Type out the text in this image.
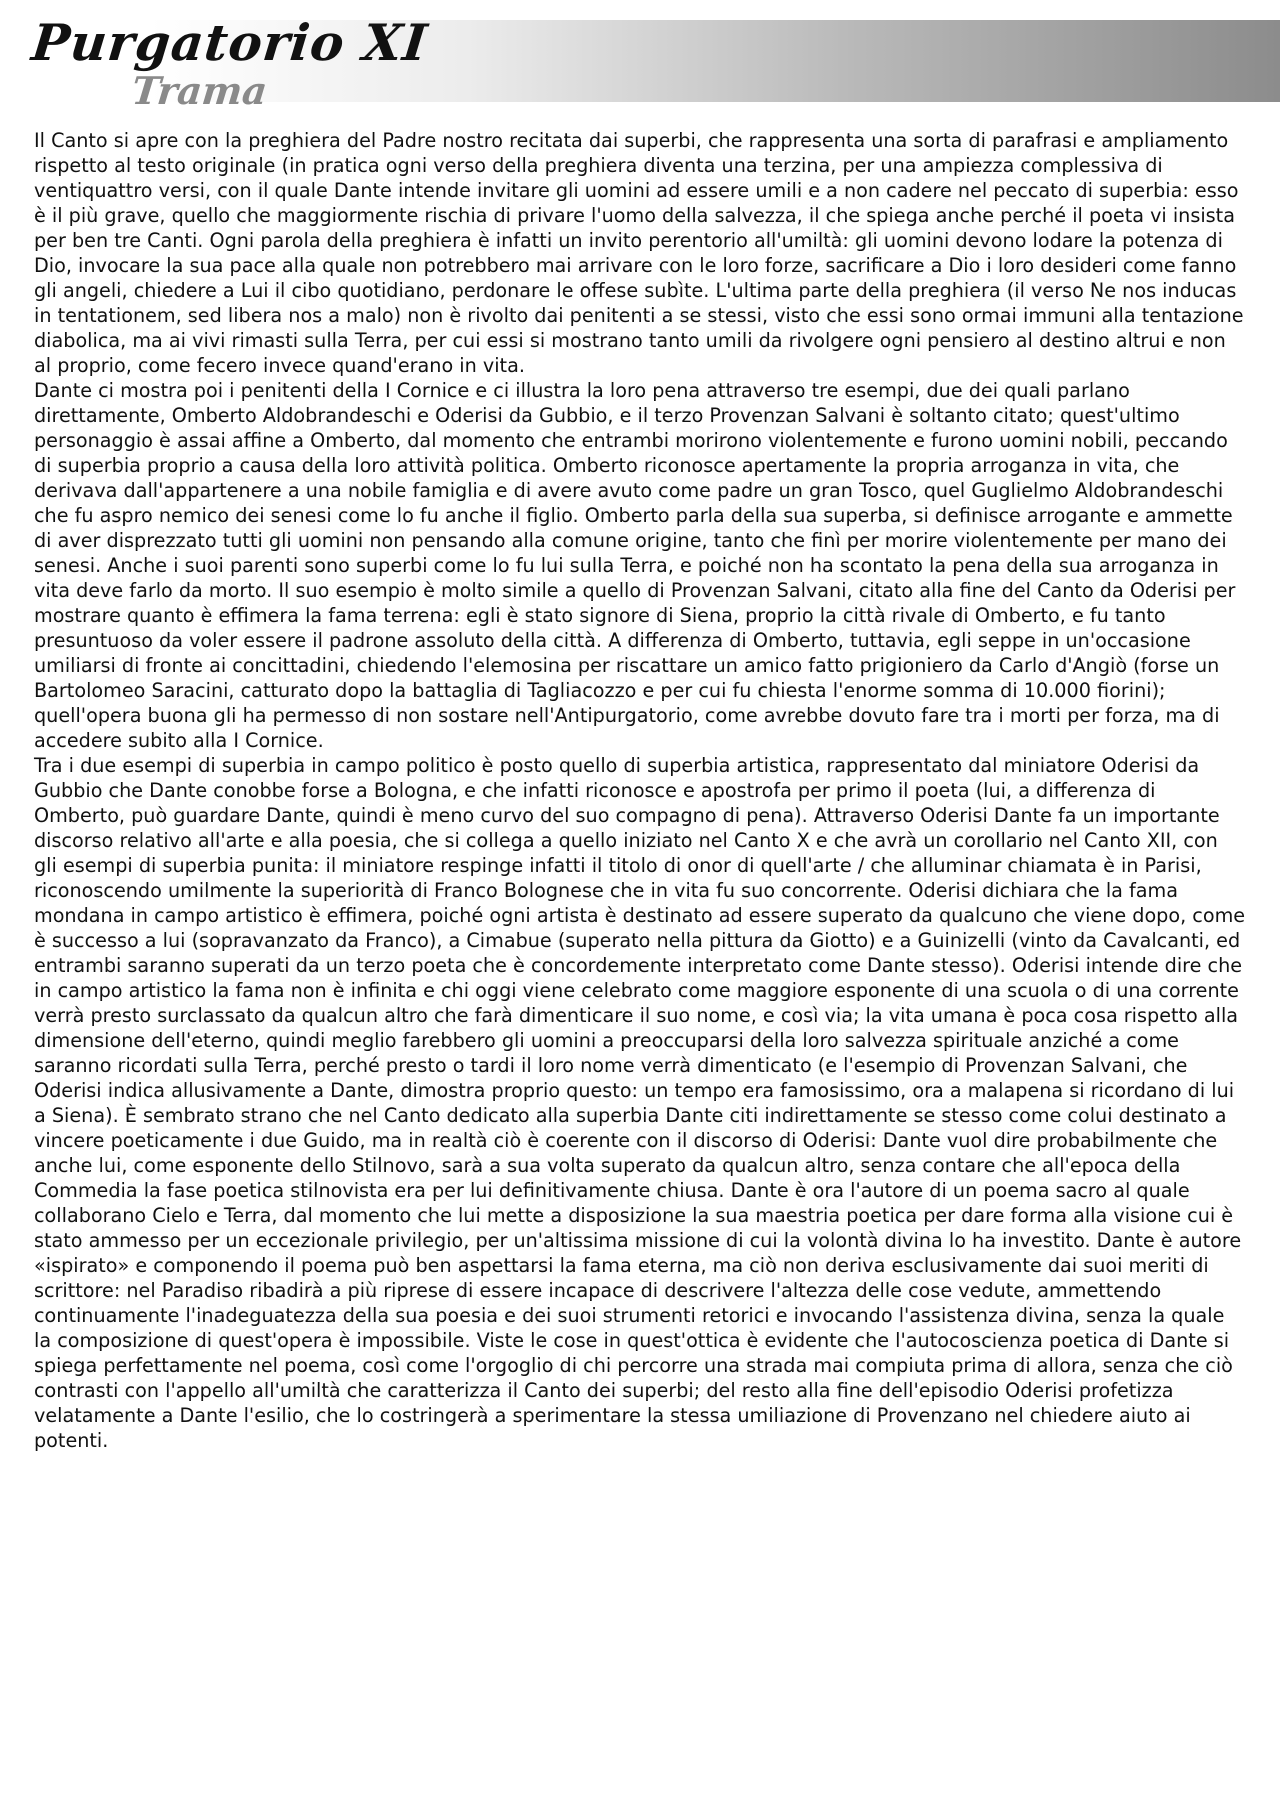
Purgatorio XI
Trama

Il Canto si apre con la preghiera del Padre nostro recitata dai superbi, che rappresenta una sorta di parafrasi e ampliamento rispetto al testo originale (in pratica ogni verso della preghiera diventa una terzina, per una ampiezza complessiva di ventiquattro versi, con il quale Dante intende invitare gli uomini ad essere umili e a non cadere nel peccato di superbia: esso è il più grave, quello che maggiormente rischia di privare l'uomo della salvezza, il che spiega anche perché il poeta vi insista per ben tre Canti. Ogni parola della preghiera è infatti un invito perentorio all'umiltà: gli uomini devono lodare la potenza di Dio, invocare la sua pace alla quale non potrebbero mai arrivare con le loro forze, sacrificare a Dio i loro desideri come fanno gli angeli, chiedere a Lui il cibo quotidiano, perdonare le offese subìte. L'ultima parte della preghiera (il verso Ne nos inducas in tentationem, sed libera nos a malo) non è rivolto dai penitenti a se stessi, visto che essi sono ormai immuni alla tentazione diabolica, ma ai vivi rimasti sulla Terra, per cui essi si mostrano tanto umili da rivolgere ogni pensiero al destino altrui e non al proprio, come fecero invece quand'erano in vita.

Dante ci mostra poi i penitenti della I Cornice e ci illustra la loro pena attraverso tre esempi, due dei quali parlano direttamente, Omberto Aldobrandeschi e Oderisi da Gubbio, e il terzo Provenzan Salvani è soltanto citato; quest'ultimo personaggio è assai affine a Omberto, dal momento che entrambi morirono violentemente e furono uomini nobili, peccando di superbia proprio a causa della loro attività politica. Omberto riconosce apertamente la propria arroganza in vita, che derivava dall'appartenere a una nobile famiglia e di avere avuto come padre un gran Tosco, quel Guglielmo Aldobrandeschi che fu aspro nemico dei senesi come lo fu anche il figlio. Omberto parla della sua superba, si definisce arrogante e ammette di aver disprezzato tutti gli uomini non pensando alla comune origine, tanto che finì per morire violentemente per mano dei senesi. Anche i suoi parenti sono superbi come lo fu lui sulla Terra, e poiché non ha scontato la pena della sua arroganza in vita deve farlo da morto. Il suo esempio è molto simile a quello di Provenzan Salvani, citato alla fine del Canto da Oderisi per mostrare quanto è effimera la fama terrena: egli è stato signore di Siena, proprio la città rivale di Omberto, e fu tanto presuntuoso da voler essere il padrone assoluto della città. A differenza di Omberto, tuttavia, egli seppe in un'occasione umiliarsi di fronte ai concittadini, chiedendo l'elemosina per riscattare un amico fatto prigioniero da Carlo d'Angiò (forse un Bartolomeo Saracini, catturato dopo la battaglia di Tagliacozzo e per cui fu chiesta l'enorme somma di 10.000 fiorini); quell'opera buona gli ha permesso di non sostare nell'Antipurgatorio, come avrebbe dovuto fare tra i morti per forza, ma di accedere subito alla I Cornice.

Tra i due esempi di superbia in campo politico è posto quello di superbia artistica, rappresentato dal miniatore Oderisi da Gubbio che Dante conobbe forse a Bologna, e che infatti riconosce e apostrofa per primo il poeta (lui, a differenza di Omberto, può guardare Dante, quindi è meno curvo del suo compagno di pena). Attraverso Oderisi Dante fa un importante discorso relativo all'arte e alla poesia, che si collega a quello iniziato nel Canto X e che avrà un corollario nel Canto XII, con gli esempi di superbia punita: il miniatore respinge infatti il titolo di onor di quell'arte / che alluminar chiamata è in Parisi, riconoscendo umilmente la superiorità di Franco Bolognese che in vita fu suo concorrente. Oderisi dichiara che la fama mondana in campo artistico è effimera, poiché ogni artista è destinato ad essere superato da qualcuno che viene dopo, come è successo a lui (sopravanzato da Franco), a Cimabue (superato nella pittura da Giotto) e a Guinizelli (vinto da Cavalcanti, ed entrambi saranno superati da un terzo poeta che è concordemente interpretato come Dante stesso). Oderisi intende dire che in campo artistico la fama non è infinita e chi oggi viene celebrato come maggiore esponente di una scuola o di una corrente verrà presto surclassato da qualcun altro che farà dimenticare il suo nome, e così via; la vita umana è poca cosa rispetto alla dimensione dell'eterno, quindi meglio farebbero gli uomini a preoccuparsi della loro salvezza spirituale anziché a come saranno ricordati sulla Terra, perché presto o tardi il loro nome verrà dimenticato (e l'esempio di Provenzan Salvani, che Oderisi indica allusivamente a Dante, dimostra proprio questo: un tempo era famosissimo, ora a malapena si ricordano di lui a Siena). È sembrato strano che nel Canto dedicato alla superbia Dante citi indirettamente se stesso come colui destinato a vincere poeticamente i due Guido, ma in realtà ciò è coerente con il discorso di Oderisi: Dante vuol dire probabilmente che anche lui, come esponente dello Stilnovo, sarà a sua volta superato da qualcun altro, senza contare che all'epoca della Commedia la fase poetica stilnovista era per lui definitivamente chiusa. Dante è ora l'autore di un poema sacro al quale collaborano Cielo e Terra, dal momento che lui mette a disposizione la sua maestria poetica per dare forma alla visione cui è stato ammesso per un eccezionale privilegio, per un'altissima missione di cui la volontà divina lo ha investito. Dante è autore «ispirato» e componendo il poema può ben aspettarsi la fama eterna, ma ciò non deriva esclusivamente dai suoi meriti di scrittore: nel Paradiso ribadirà a più riprese di essere incapace di descrivere l'altezza delle cose vedute, ammettendo continuamente l'inadeguatezza della sua poesia e dei suoi strumenti retorici e invocando l'assistenza divina, senza la quale la composizione di quest'opera è impossibile. Viste le cose in quest'ottica è evidente che l'autocoscienza poetica di Dante si spiega perfettamente nel poema, così come l'orgoglio di chi percorre una strada mai compiuta prima di allora, senza che ciò contrasti con l'appello all'umiltà che caratterizza il Canto dei superbi; del resto alla fine dell'episodio Oderisi profetizza velatamente a Dante l'esilio, che lo costringerà a sperimentare la stessa umiliazione di Provenzano nel chiedere aiuto ai potenti.
